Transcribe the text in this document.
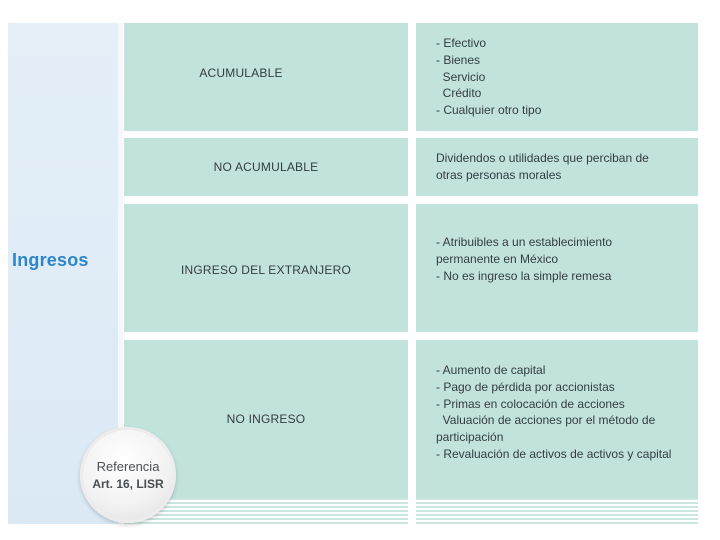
Ingresos
ACUMULABLE
- Efectivo
- Bienes
Servicio
Crédito
- Cualquier otro tipo
NO ACUMULABLE
Dividendos o utilidades que perciban de
otras personas morales
INGRESO DEL EXTRANJERO
- Atribuibles a un establecimiento
permanente en México
- No es ingreso la simple remesa
NO INGRESO
- Aumento de capital
- Pago de pérdida por accionistas
- Primas en colocación de acciones
Valuación de acciones por el método de
participación
- Revaluación de activos de activos y capital
Referencia
Art. 16, LISR
